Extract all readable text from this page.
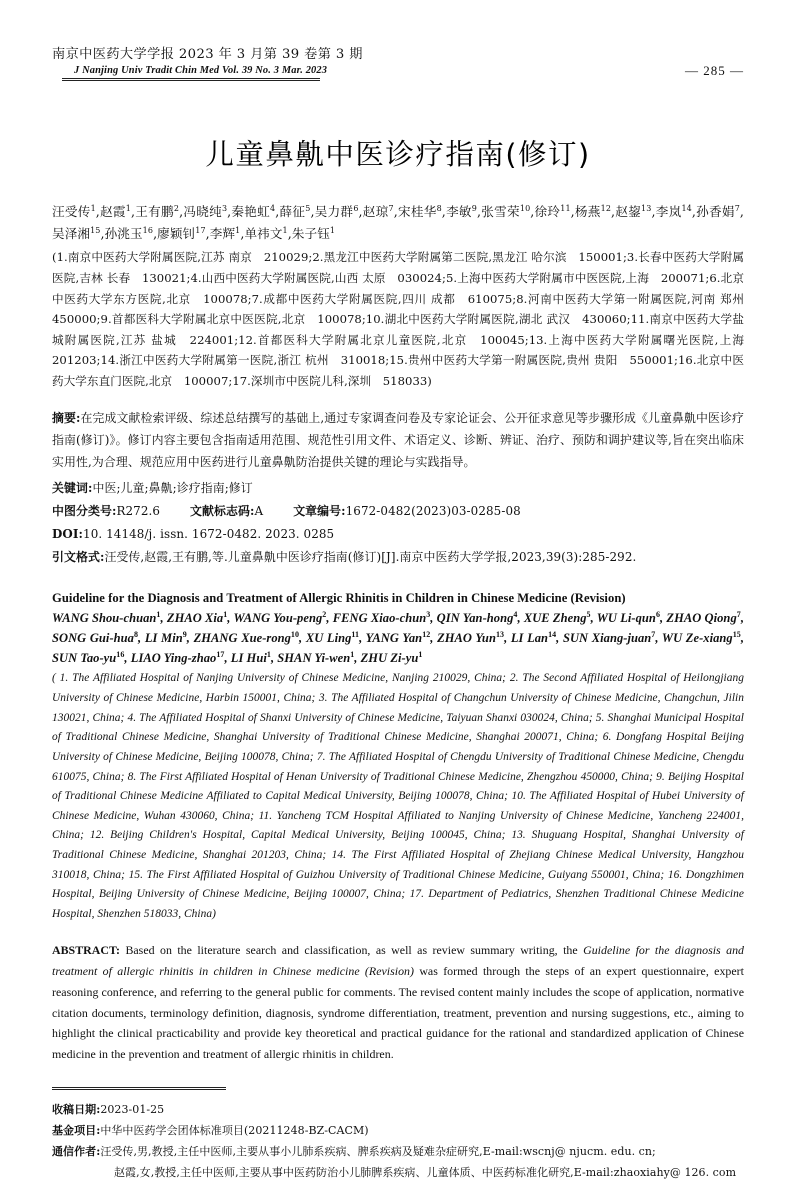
南京中医药大学学报 2023 年 3 月第 39 卷第 3 期
J Nanjing Univ Tradit Chin Med Vol. 39 No. 3 Mar. 2023	— 285 —
儿童鼻鼽中医诊疗指南(修订)
汪受传$^1$,赵霞$^1$,王有鹏$^2$,冯晓纯$^3$,秦艳虹$^4$,薛征$^5$,吴力群$^6$,赵琼$^7$,宋桂华$^8$,李敏$^9$,张雪荣$^{10}$,徐玲$^{11}$,杨燕$^{12}$,赵鋆$^{13}$,李岚$^{14}$,孙香娟$^7$,吴泽湘$^{15}$,孙洮玉$^{16}$,廖颖钊$^{17}$,李辉$^1$,单祎文$^1$,朱子钰$^1$
(1.南京中医药大学附属医院,江苏 南京　210029;2.黑龙江中医药大学附属第二医院,黑龙江 哈尔滨　150001;3.长春中医药大学附属医院,吉林 长春　130021;4.山西中医药大学附属医院,山西 太原　030024;5.上海中医药大学附属市中医医院,上海　200071;6.北京中医药大学东方医院,北京　100078;7.成都中医药大学附属医院,四川 成都　610075;8.河南中医药大学第一附属医院,河南 郑州　450000;9.首都医科大学附属北京中医医院,北京　100078;10.湖北中医药大学附属医院,湖北 武汉　430060;11.南京中医药大学盐城附属医院,江苏 盐城　224001;12.首都医科大学附属北京儿童医院,北京　100045;13.上海中医药大学附属曙光医院,上海　201203;14.浙江中医药大学附属第一医院,浙江 杭州　310018;15.贵州中医药大学第一附属医院,贵州 贵阳　550001;16.北京中医药大学东直门医院,北京　100007;17.深圳市中医院儿科,深圳　518033)
摘要:在完成文献检索评级、综述总结撰写的基础上,通过专家调查问卷及专家论证会、公开征求意见等步骤形成《儿童鼻鼽中医诊疗指南(修订)》。修订内容主要包含指南适用范围、规范性引用文件、术语定义、诊断、辨证、治疗、预防和调护建议等,旨在突出临床实用性,为合理、规范应用中医药进行儿童鼻鼽防治提供关键的理论与实践指导。
关键词:中医;儿童;鼻鼽;诊疗指南;修订
中图分类号:R272.6	文献标志码:A	文章编号:1672-0482(2023)03-0285-08
DOI:10. 14148/j. issn. 1672-0482. 2023. 0285
引文格式:汪受传,赵霞,王有鹏,等.儿童鼻鼽中医诊疗指南(修订)[J].南京中医药大学学报,2023,39(3):285-292.
Guideline for the Diagnosis and Treatment of Allergic Rhinitis in Children in Chinese Medicine (Revision)
WANG Shou-chuan$^1$, ZHAO Xia$^1$, WANG You-peng$^2$, FENG Xiao-chun$^3$, QIN Yan-hong$^4$, XUE Zheng$^5$, WU Li-qun$^6$, ZHAO Qiong$^7$, SONG Gui-hua$^8$, LI Min$^9$, ZHANG Xue-rong$^{10}$, XU Ling$^{11}$, YANG Yan$^{12}$, ZHAO Yun$^{13}$, LI Lan$^{14}$, SUN Xiang-juan$^7$, WU Ze-xiang$^{15}$, SUN Tao-$yu^{16}$, LIAO Ying-zhao$^{17}$, LI Hui$^1$, SHAN Yi-wen$^1$, ZHU $Zi-yu^1$
( 1. The Affiliated Hospital of Nanjing University of Chinese Medicine, Nanjing 210029, China; 2. The Second Affiliated Hospital of Heilongjiang University of Chinese Medicine, Harbin 150001, China; 3. The Affiliated Hospital of Changchun University of Chinese Medicine, Changchun, Jilin 130021, China; 4. The Affiliated Hospital of Shanxi University of Chinese Medicine, Taiyuan Shanxi 030024, China; 5. Shanghai Municipal Hospital of Traditional Chinese Medicine, Shanghai University of Traditional Chinese Medicine, Shanghai 200071, China; 6. Dongfang Hospital Beijing University of Chinese Medicine, Beijing 100078, China; 7. The Affiliated Hospital of Chengdu University of Traditional Chinese Medicine, Chengdu 610075, China; 8. The First Affiliated Hospital of Henan University of Traditional Chinese Medicine, Zhengzhou 450000, China; 9. Beijing Hospital of Traditional Chinese Medicine Affiliated to Capital Medical University, Beijing 100078, China; 10. The Affiliated Hospital of Hubei University of Chinese Medicine, Wuhan 430060, China; 11. Yancheng TCM Hospital Affiliated to Nanjing University of Chinese Medicine, Yancheng 224001, China; 12. Beijing Children's Hospital, Capital Medical University, Beijing 100045, China; 13. Shuguang Hospital, Shanghai University of Traditional Chinese Medicine, Shanghai 201203, China; 14. The First Affiliated Hospital of Zhejiang Chinese Medical University, Hangzhou 310018, China; 15. The First Affiliated Hospital of Guizhou University of Traditional Chinese Medicine, Guiyang 550001, China; 16. Dongzhimen Hospital, Beijing University of Chinese Medicine, Beijing 100007, China; 17. Department of Pediatrics, Shenzhen Traditional Chinese Medicine Hospital, Shenzhen 518033, China)
ABSTRACT: Based on the literature search and classification, as well as review summary writing, the Guideline for the diagnosis and treatment of allergic rhinitis in children in Chinese medicine (Revision) was formed through the steps of an expert questionnaire, expert reasoning conference, and referring to the general public for comments. The revised content mainly includes the scope of application, normative citation documents, terminology definition, diagnosis, syndrome differentiation, treatment, prevention and nursing suggestions, etc., aiming to highlight the clinical practicability and provide key theoretical and practical guidance for the rational and standardized application of Chinese medicine in the prevention and treatment of allergic rhinitis in children.
收稿日期:2023-01-25
基金项目:中华中医药学会团体标准项目(20211248-BZ-CACM)
通信作者:汪受传,男,教授,主任中医师,主要从事小儿肺系疾病、脾系疾病及疑难杂症研究,E-mail:wscnj@ njucm. edu. cn;
赵霞,女,教授,主任中医师,主要从事中医药防治小儿肺脾系疾病、儿童体质、中医药标准化研究,E-mail:zhaoxiahy@ 126. com
